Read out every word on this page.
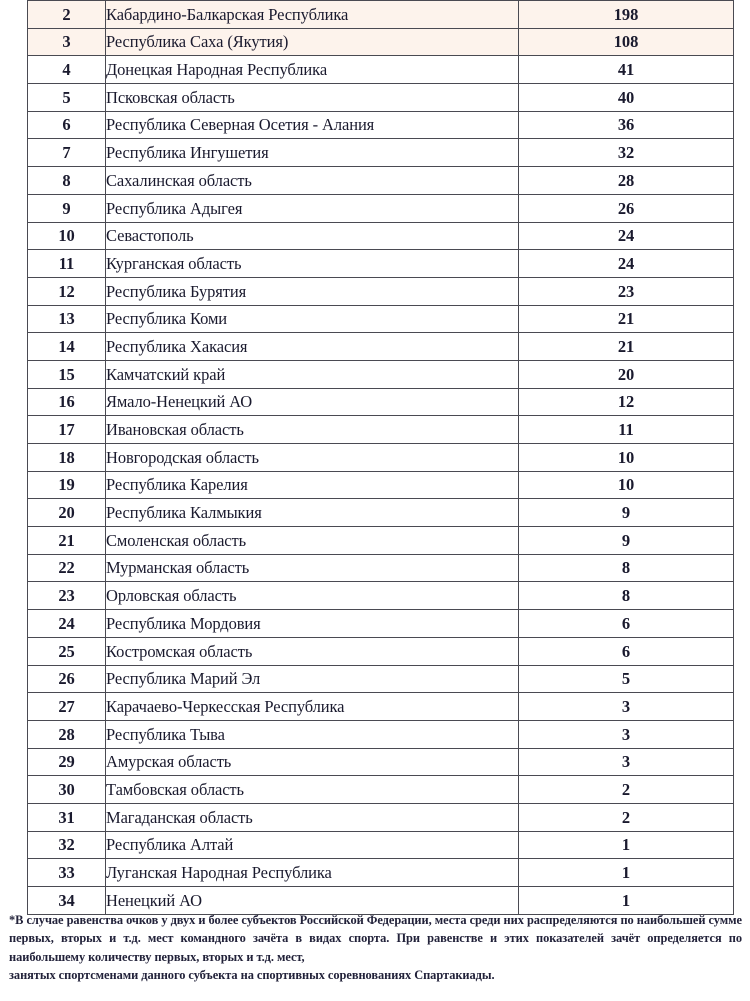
2	Кабардино-Балкарская Республика	198
3	Республика Саха (Якутия)	108
4	Донецкая Народная Республика	41
5	Псковская область	40
6	Республика Северная Осетия - Алания	36
7	Республика Ингушетия	32
8	Сахалинская область	28
9	Республика Адыгея	26
10	Севастополь	24
11	Курганская область	24
12	Республика Бурятия	23
13	Республика Коми	21
14	Республика Хакасия	21
15	Камчатский край	20
16	Ямало-Ненецкий АО	12
17	Ивановская область	11
18	Новгородская область	10
19	Республика Карелия	10
20	Республика Калмыкия	9
21	Смоленская область	9
22	Мурманская область	8
23	Орловская область	8
24	Республика Мордовия	6
25	Костромская область	6
26	Республика Марий Эл	5
27	Карачаево-Черкесская Республика	3
28	Республика Тыва	3
29	Амурская область	3
30	Тамбовская область	2
31	Магаданская область	2
32	Республика Алтай	1
33	Луганская Народная Республика	1
34	Ненецкий АО	1
*В случае равенства очков у двух и более субъектов Российской Федерации, места среди них распределяются по наибольшей сумме первых, вторых и т.д. мест командного зачёта в видах спорта. При равенстве и этих показателей зачёт определяется по наибольшему количеству первых, вторых и т.д. мест,
занятых спортсменами данного субъекта на спортивных соревнованиях Спартакиады.
